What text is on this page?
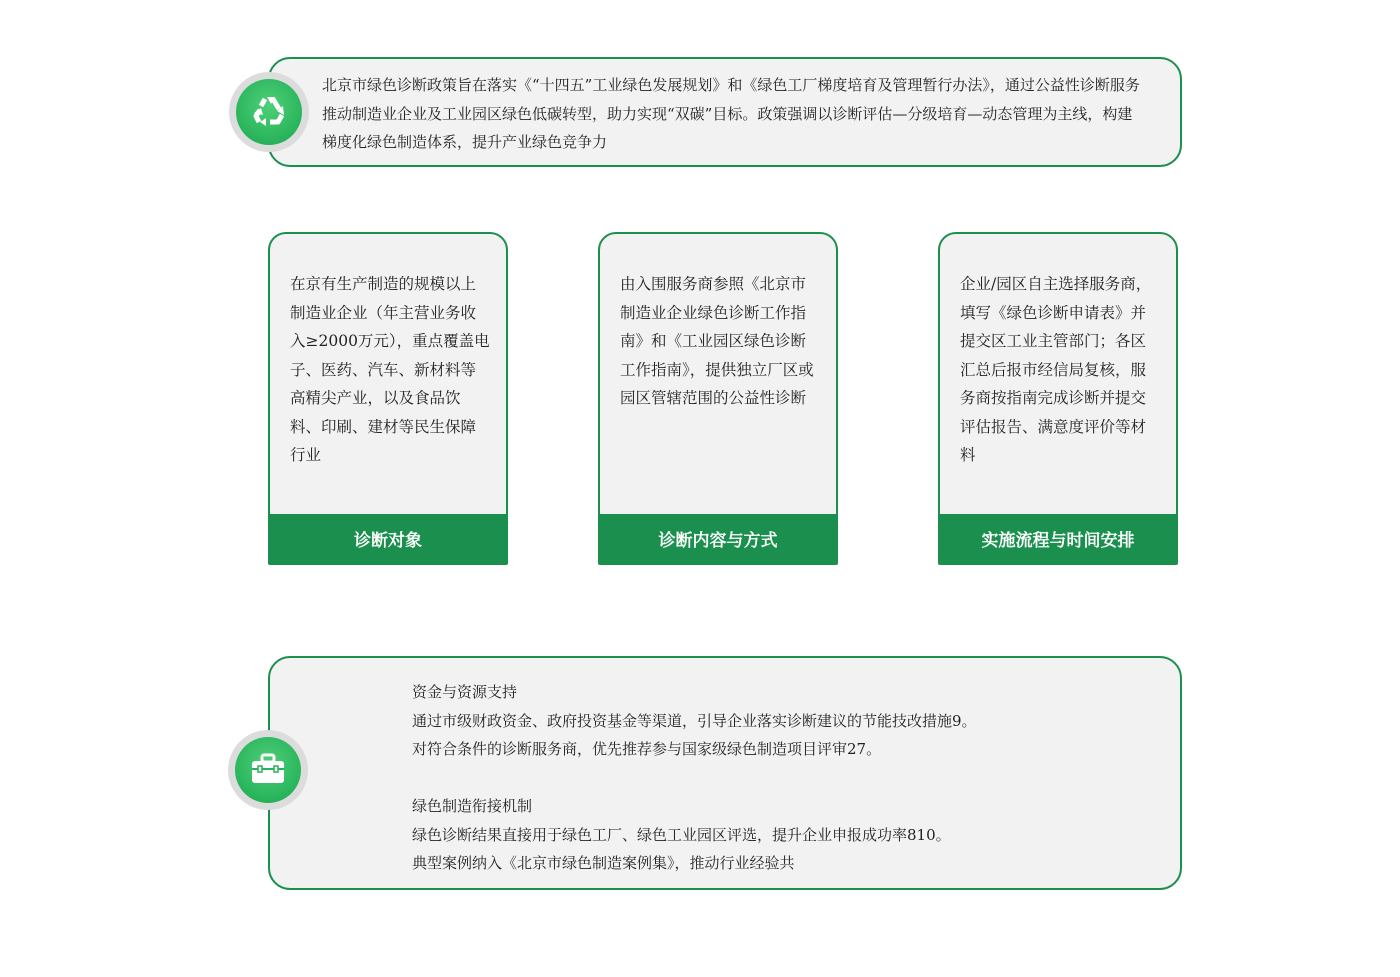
北京市绿色诊断政策旨在落实《“十四五”工业绿色发展规划》和《绿色工厂梯度培育及管理暂行办法》，通过公益性诊断服务推动制造业企业及工业园区绿色低碳转型，助力实现“双碳”目标。政策强调以诊断评估—分级培育—动态管理为主线，构建梯度化绿色制造体系，提升产业绿色竞争力
在京有生产制造的规模以上制造业企业（年主营业务收入≥2000万元），重点覆盖电子、医药、汽车、新材料等高精尖产业，以及食品饮料、印刷、建材等民生保障行业
诊断对象
由入围服务商参照《北京市制造业企业绿色诊断工作指南》和《工业园区绿色诊断工作指南》，提供独立厂区或园区管辖范围的公益性诊断
诊断内容与方式
企业/园区自主选择服务商，填写《绿色诊断申请表》并提交区工业主管部门；各区汇总后报市经信局复核，服务商按指南完成诊断并提交评估报告、满意度评价等材料
实施流程与时间安排
资金与资源支持
通过市级财政资金、政府投资基金等渠道，引导企业落实诊断建议的节能技改措施9。
对符合条件的诊断服务商，优先推荐参与国家级绿色制造项目评审27。
绿色制造衔接机制
绿色诊断结果直接用于绿色工厂、绿色工业园区评选，提升企业申报成功率810。
典型案例纳入《北京市绿色制造案例集》，推动行业经验共
